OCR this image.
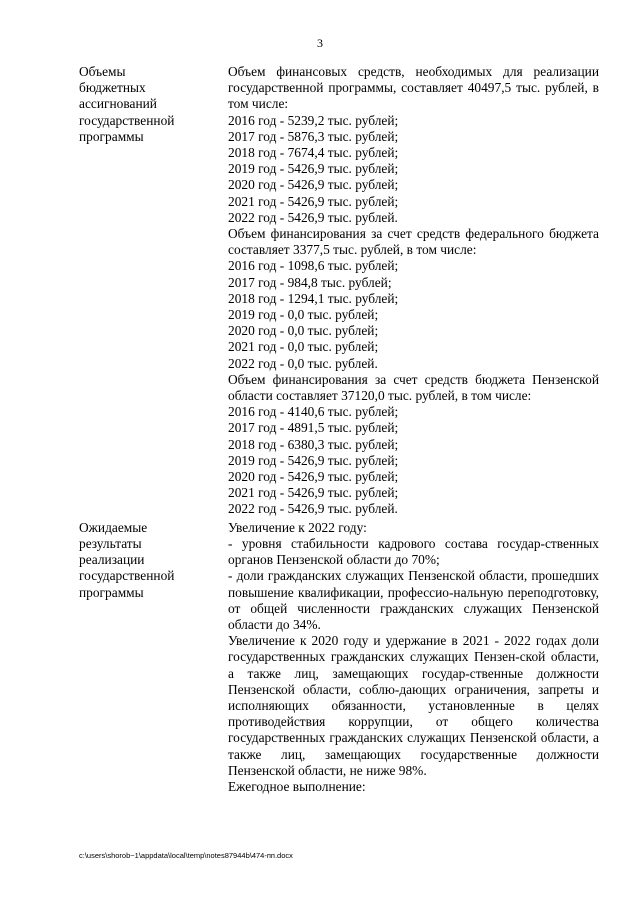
3
Объемы
бюджетных
ассигнований
государственной
программы
Объем финансовых средств, необходимых для реализации государственной программы, составляет 40497,5 тыс. рублей, в том числе:
2016 год - 5239,2 тыс. рублей;
2017 год - 5876,3 тыс. рублей;
2018 год - 7674,4 тыс. рублей;
2019 год - 5426,9 тыс. рублей;
2020 год - 5426,9 тыс. рублей;
2021 год - 5426,9 тыс. рублей;
2022 год - 5426,9 тыс. рублей.
Объем финансирования за счет средств федерального бюджета составляет 3377,5 тыс. рублей, в том числе:
2016 год - 1098,6 тыс. рублей;
2017 год - 984,8 тыс. рублей;
2018 год - 1294,1 тыс. рублей;
2019 год - 0,0 тыс. рублей;
2020 год - 0,0 тыс. рублей;
2021 год - 0,0 тыс. рублей;
2022 год - 0,0 тыс. рублей.
Объем финансирования за счет средств бюджета Пензенской области составляет 37120,0 тыс. рублей, в том числе:
2016 год - 4140,6 тыс. рублей;
2017 год - 4891,5 тыс. рублей;
2018 год - 6380,3 тыс. рублей;
2019 год - 5426,9 тыс. рублей;
2020 год - 5426,9 тыс. рублей;
2021 год - 5426,9 тыс. рублей;
2022 год - 5426,9 тыс. рублей.
Ожидаемые
результаты
реализации
государственной
программы
Увеличение к 2022 году:
- уровня стабильности кадрового состава государ-ственных органов Пензенской области до 70%;
- доли гражданских служащих Пензенской области, прошедших повышение квалификации, профессио-нальную переподготовку, от общей численности гражданских служащих Пензенской области до 34%.
Увеличение к 2020 году и удержание в 2021 - 2022 годах доли государственных гражданских служащих Пензен-ской области, а также лиц, замещающих государ-ственные должности Пензенской области, соблю-дающих ограничения, запреты и исполняющих обязанности, установленные в целях противодействия коррупции, от общего количества государственных гражданских служащих Пензенской области, а также лиц, замещающих государственные должности Пензенской области, не ниже 98%.
Ежегодное выполнение:
c:\users\shorob~1\appdata\local\temp\notes87944b\474-пп.docx
